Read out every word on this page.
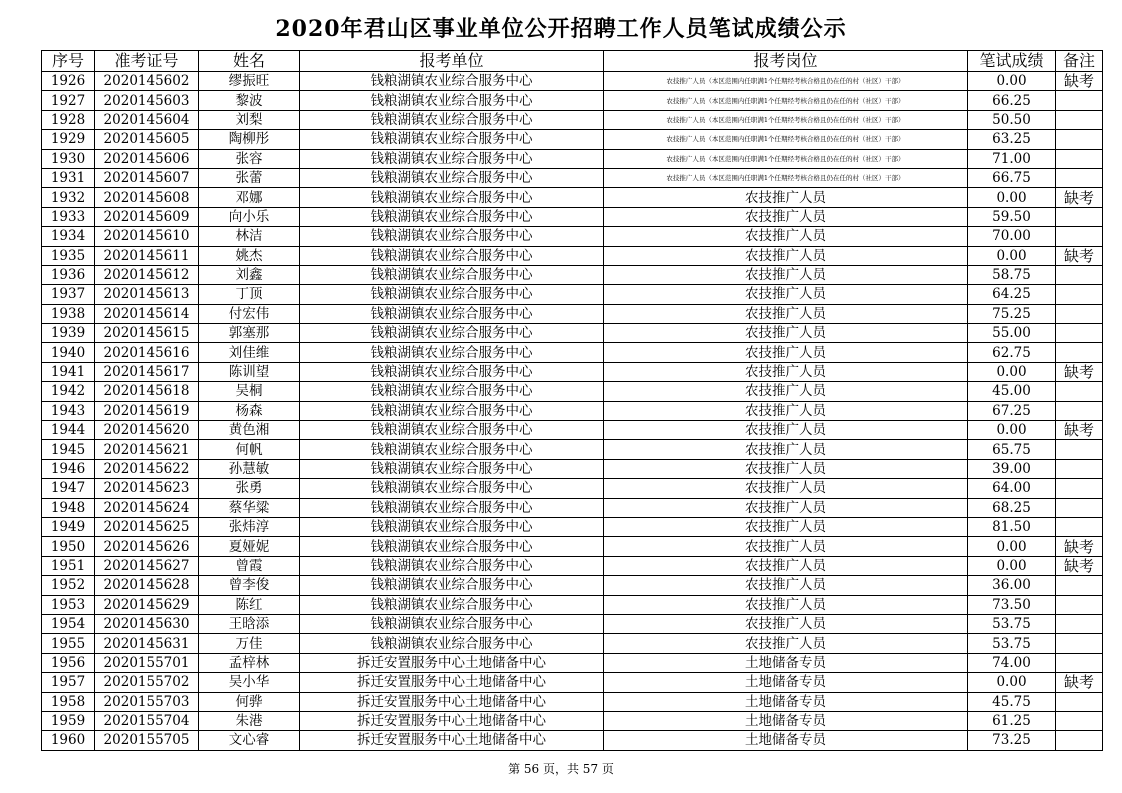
2020年君山区事业单位公开招聘工作人员笔试成绩公示
序号	准考证号	姓名	报考单位	报考岗位	笔试成绩	备注
1926	2020145602	缪振旺	钱粮湖镇农业综合服务中心	农技推广人员（本区范围内任职满1个任期经考核合格且仍在任的村（社区）干部）	0.00	缺考
1927	2020145603	黎波	钱粮湖镇农业综合服务中心	农技推广人员（本区范围内任职满1个任期经考核合格且仍在任的村（社区）干部）	66.25	
1928	2020145604	刘梨	钱粮湖镇农业综合服务中心	农技推广人员（本区范围内任职满1个任期经考核合格且仍在任的村（社区）干部）	50.50	
1929	2020145605	陶柳彤	钱粮湖镇农业综合服务中心	农技推广人员（本区范围内任职满1个任期经考核合格且仍在任的村（社区）干部）	63.25	
1930	2020145606	张容	钱粮湖镇农业综合服务中心	农技推广人员（本区范围内任职满1个任期经考核合格且仍在任的村（社区）干部）	71.00	
1931	2020145607	张蕾	钱粮湖镇农业综合服务中心	农技推广人员（本区范围内任职满1个任期经考核合格且仍在任的村（社区）干部）	66.75	
1932	2020145608	邓娜	钱粮湖镇农业综合服务中心	农技推广人员	0.00	缺考
1933	2020145609	向小乐	钱粮湖镇农业综合服务中心	农技推广人员	59.50	
1934	2020145610	林洁	钱粮湖镇农业综合服务中心	农技推广人员	70.00	
1935	2020145611	姚杰	钱粮湖镇农业综合服务中心	农技推广人员	0.00	缺考
1936	2020145612	刘鑫	钱粮湖镇农业综合服务中心	农技推广人员	58.75	
1937	2020145613	丁顶	钱粮湖镇农业综合服务中心	农技推广人员	64.25	
1938	2020145614	付宏伟	钱粮湖镇农业综合服务中心	农技推广人员	75.25	
1939	2020145615	郭塞那	钱粮湖镇农业综合服务中心	农技推广人员	55.00	
1940	2020145616	刘佳维	钱粮湖镇农业综合服务中心	农技推广人员	62.75	
1941	2020145617	陈训望	钱粮湖镇农业综合服务中心	农技推广人员	0.00	缺考
1942	2020145618	吴桐	钱粮湖镇农业综合服务中心	农技推广人员	45.00	
1943	2020145619	杨森	钱粮湖镇农业综合服务中心	农技推广人员	67.25	
1944	2020145620	黄色湘	钱粮湖镇农业综合服务中心	农技推广人员	0.00	缺考
1945	2020145621	何帆	钱粮湖镇农业综合服务中心	农技推广人员	65.75	
1946	2020145622	孙慧敏	钱粮湖镇农业综合服务中心	农技推广人员	39.00	
1947	2020145623	张勇	钱粮湖镇农业综合服务中心	农技推广人员	64.00	
1948	2020145624	蔡华粱	钱粮湖镇农业综合服务中心	农技推广人员	68.25	
1949	2020145625	张炜淳	钱粮湖镇农业综合服务中心	农技推广人员	81.50	
1950	2020145626	夏娅妮	钱粮湖镇农业综合服务中心	农技推广人员	0.00	缺考
1951	2020145627	曾霞	钱粮湖镇农业综合服务中心	农技推广人员	0.00	缺考
1952	2020145628	曾李俊	钱粮湖镇农业综合服务中心	农技推广人员	36.00	
1953	2020145629	陈红	钱粮湖镇农业综合服务中心	农技推广人员	73.50	
1954	2020145630	王晗添	钱粮湖镇农业综合服务中心	农技推广人员	53.75	
1955	2020145631	万佳	钱粮湖镇农业综合服务中心	农技推广人员	53.75	
1956	2020155701	孟梓林	拆迁安置服务中心土地储备中心	土地储备专员	74.00	
1957	2020155702	吴小华	拆迁安置服务中心土地储备中心	土地储备专员	0.00	缺考
1958	2020155703	何骅	拆迁安置服务中心土地储备中心	土地储备专员	45.75	
1959	2020155704	朱港	拆迁安置服务中心土地储备中心	土地储备专员	61.25	
1960	2020155705	文心睿	拆迁安置服务中心土地储备中心	土地储备专员	73.25	
第 56 页，共 57 页
